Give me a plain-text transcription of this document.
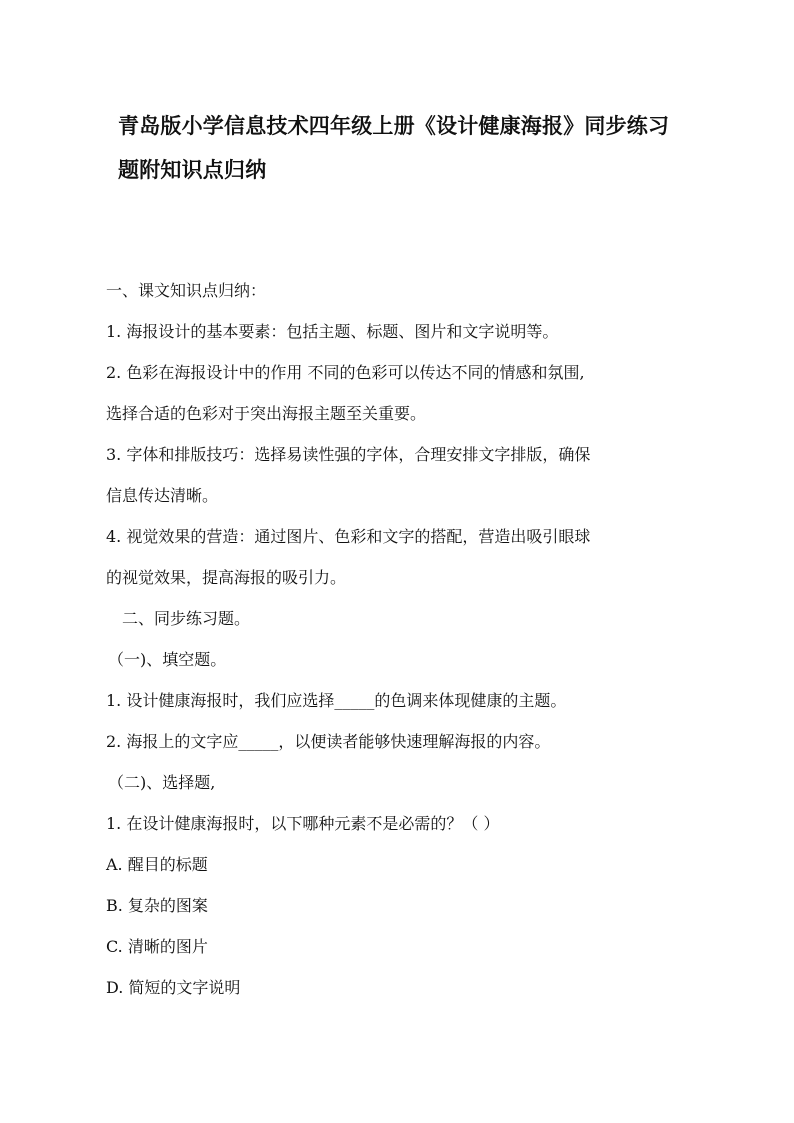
青岛版小学信息技术四年级上册《设计健康海报》同步练习
题附知识点归纳

一、课文知识点归纳：

1. 海报设计的基本要素：包括主题、标题、图片和文字说明等。

2. 色彩在海报设计中的作用 不同的色彩可以传达不同的情感和氛围,

选择合适的色彩对于突出海报主题至关重要。

3. 字体和排版技巧：选择易读性强的字体，合理安排文字排版，确保

信息传达清晰。

4. 视觉效果的营造：通过图片、色彩和文字的搭配，营造出吸引眼球

的视觉效果，提高海报的吸引力。

二、同步练习题。

（一)、填空题。

1. 设计健康海报时，我们应选择_____的色调来体现健康的主题。

2. 海报上的文字应_____，以便读者能够快速理解海报的内容。

（二)、选择题,

1. 在设计健康海报时，以下哪种元素不是必需的？（ ）

A. 醒目的标题

B. 复杂的图案

C. 清晰的图片

D. 简短的文字说明
